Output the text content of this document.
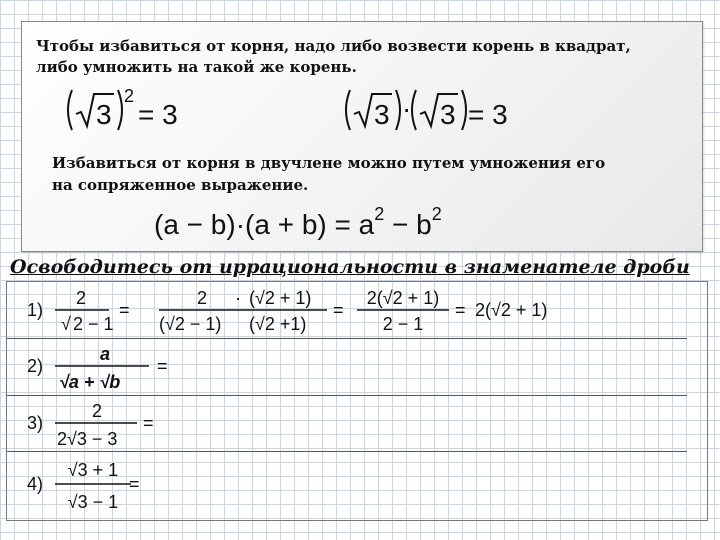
Чтобы избавиться от корня, надо либо возвести корень в квадрат, либо умножить на такой же корень.
3
2
= 3	3 · 3 = 3
Избавиться от корня в двучлене можно путем умножения его на сопряженное выражение.
$(a - b)\cdot(a + b) = a^2 - b^2$
Освободитесь от иррациональности в знаменателе дроби
1)
2
√ 2 − 1
=
2 · (√2 + 1)
(√2 − 1) (√2 +1)
=
2(√2 + 1)
2 − 1
= 2(√2 + 1)
2)
a
√a + √b
=
3)
2
2√3 − 3
=
4)
√3 + 1
√3 − 1
=
